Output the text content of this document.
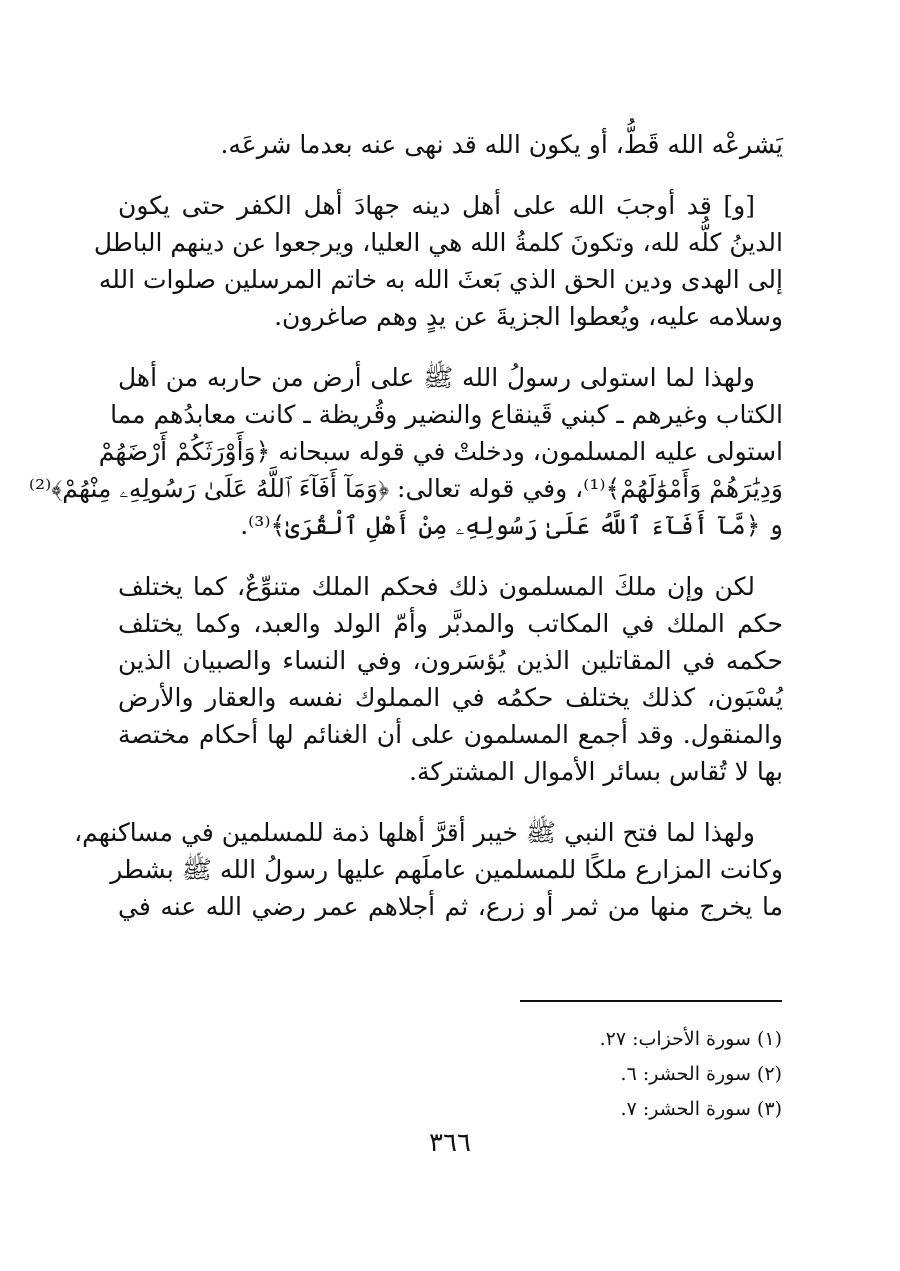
يَشرعْه الله قَطُّ، أو يكون الله قد نهى عنه بعدما شرعَه.
[و] قد أوجبَ الله على أهل دينه جهادَ أهل الكفر حتى يكون
الدينُ كلُّه لله، وتكونَ كلمةُ الله هي العليا، ويرجعوا عن دينهم الباطل
إلى الهدى ودين الحق الذي بَعثَ الله به خاتم المرسلين صلوات الله
وسلامه عليه، ويُعطوا الجزيةَ عن يدٍ وهم صاغرون.
ولهذا لما استولى رسولُ الله ﷺ على أرض من حاربه من أهل
الكتاب وغيرهم ـ كبني قَينقاع والنضير وقُريظة ـ كانت معابدُهم مما
استولى عليه المسلمون، ودخلتْ في قوله سبحانه ﴿وَأَوْرَثَكُمْ أَرْضَهُمْ
وَدِيَٰرَهُمْ وَأَمْوَٰلَهُمْ﴾⁽¹⁾، وفي قوله تعالى: ﴿وَمَآ أَفَآءَ ٱللَّهُ عَلَىٰ رَسُولِهِۦ مِنْهُمْ﴾⁽²⁾
و ﴿مَّآ أَفَآءَ ٱللَّهُ عَلَىٰ رَسُولِهِۦ مِنْ أَهْلِ ٱلْقُرَىٰ﴾⁽³⁾.
لكن وإن ملكَ المسلمون ذلك فحكم الملك متنوِّعٌ، كما يختلف
حكم الملك في المكاتب والمدبَّر وأمّ الولد والعبد، وكما يختلف
حكمه في المقاتلين الذين يُؤسَرون، وفي النساء والصبيان الذين
يُسْبَون، كذلك يختلف حكمُه في المملوك نفسه والعقار والأرض
والمنقول. وقد أجمع المسلمون على أن الغنائم لها أحكام مختصة
بها لا تُقاس بسائر الأموال المشتركة.
ولهذا لما فتح النبي ﷺ خيبر أقرَّ أهلها ذمة للمسلمين في مساكنهم،
وكانت المزارع ملكًا للمسلمين عاملَهم عليها رسولُ الله ﷺ بشطر
ما يخرج منها من ثمر أو زرع، ثم أجلاهم عمر رضي الله عنه في
(١) سورة الأحزاب: ٢٧.
(٢) سورة الحشر: ٦.
(٣) سورة الحشر: ٧.
٣٦٦
